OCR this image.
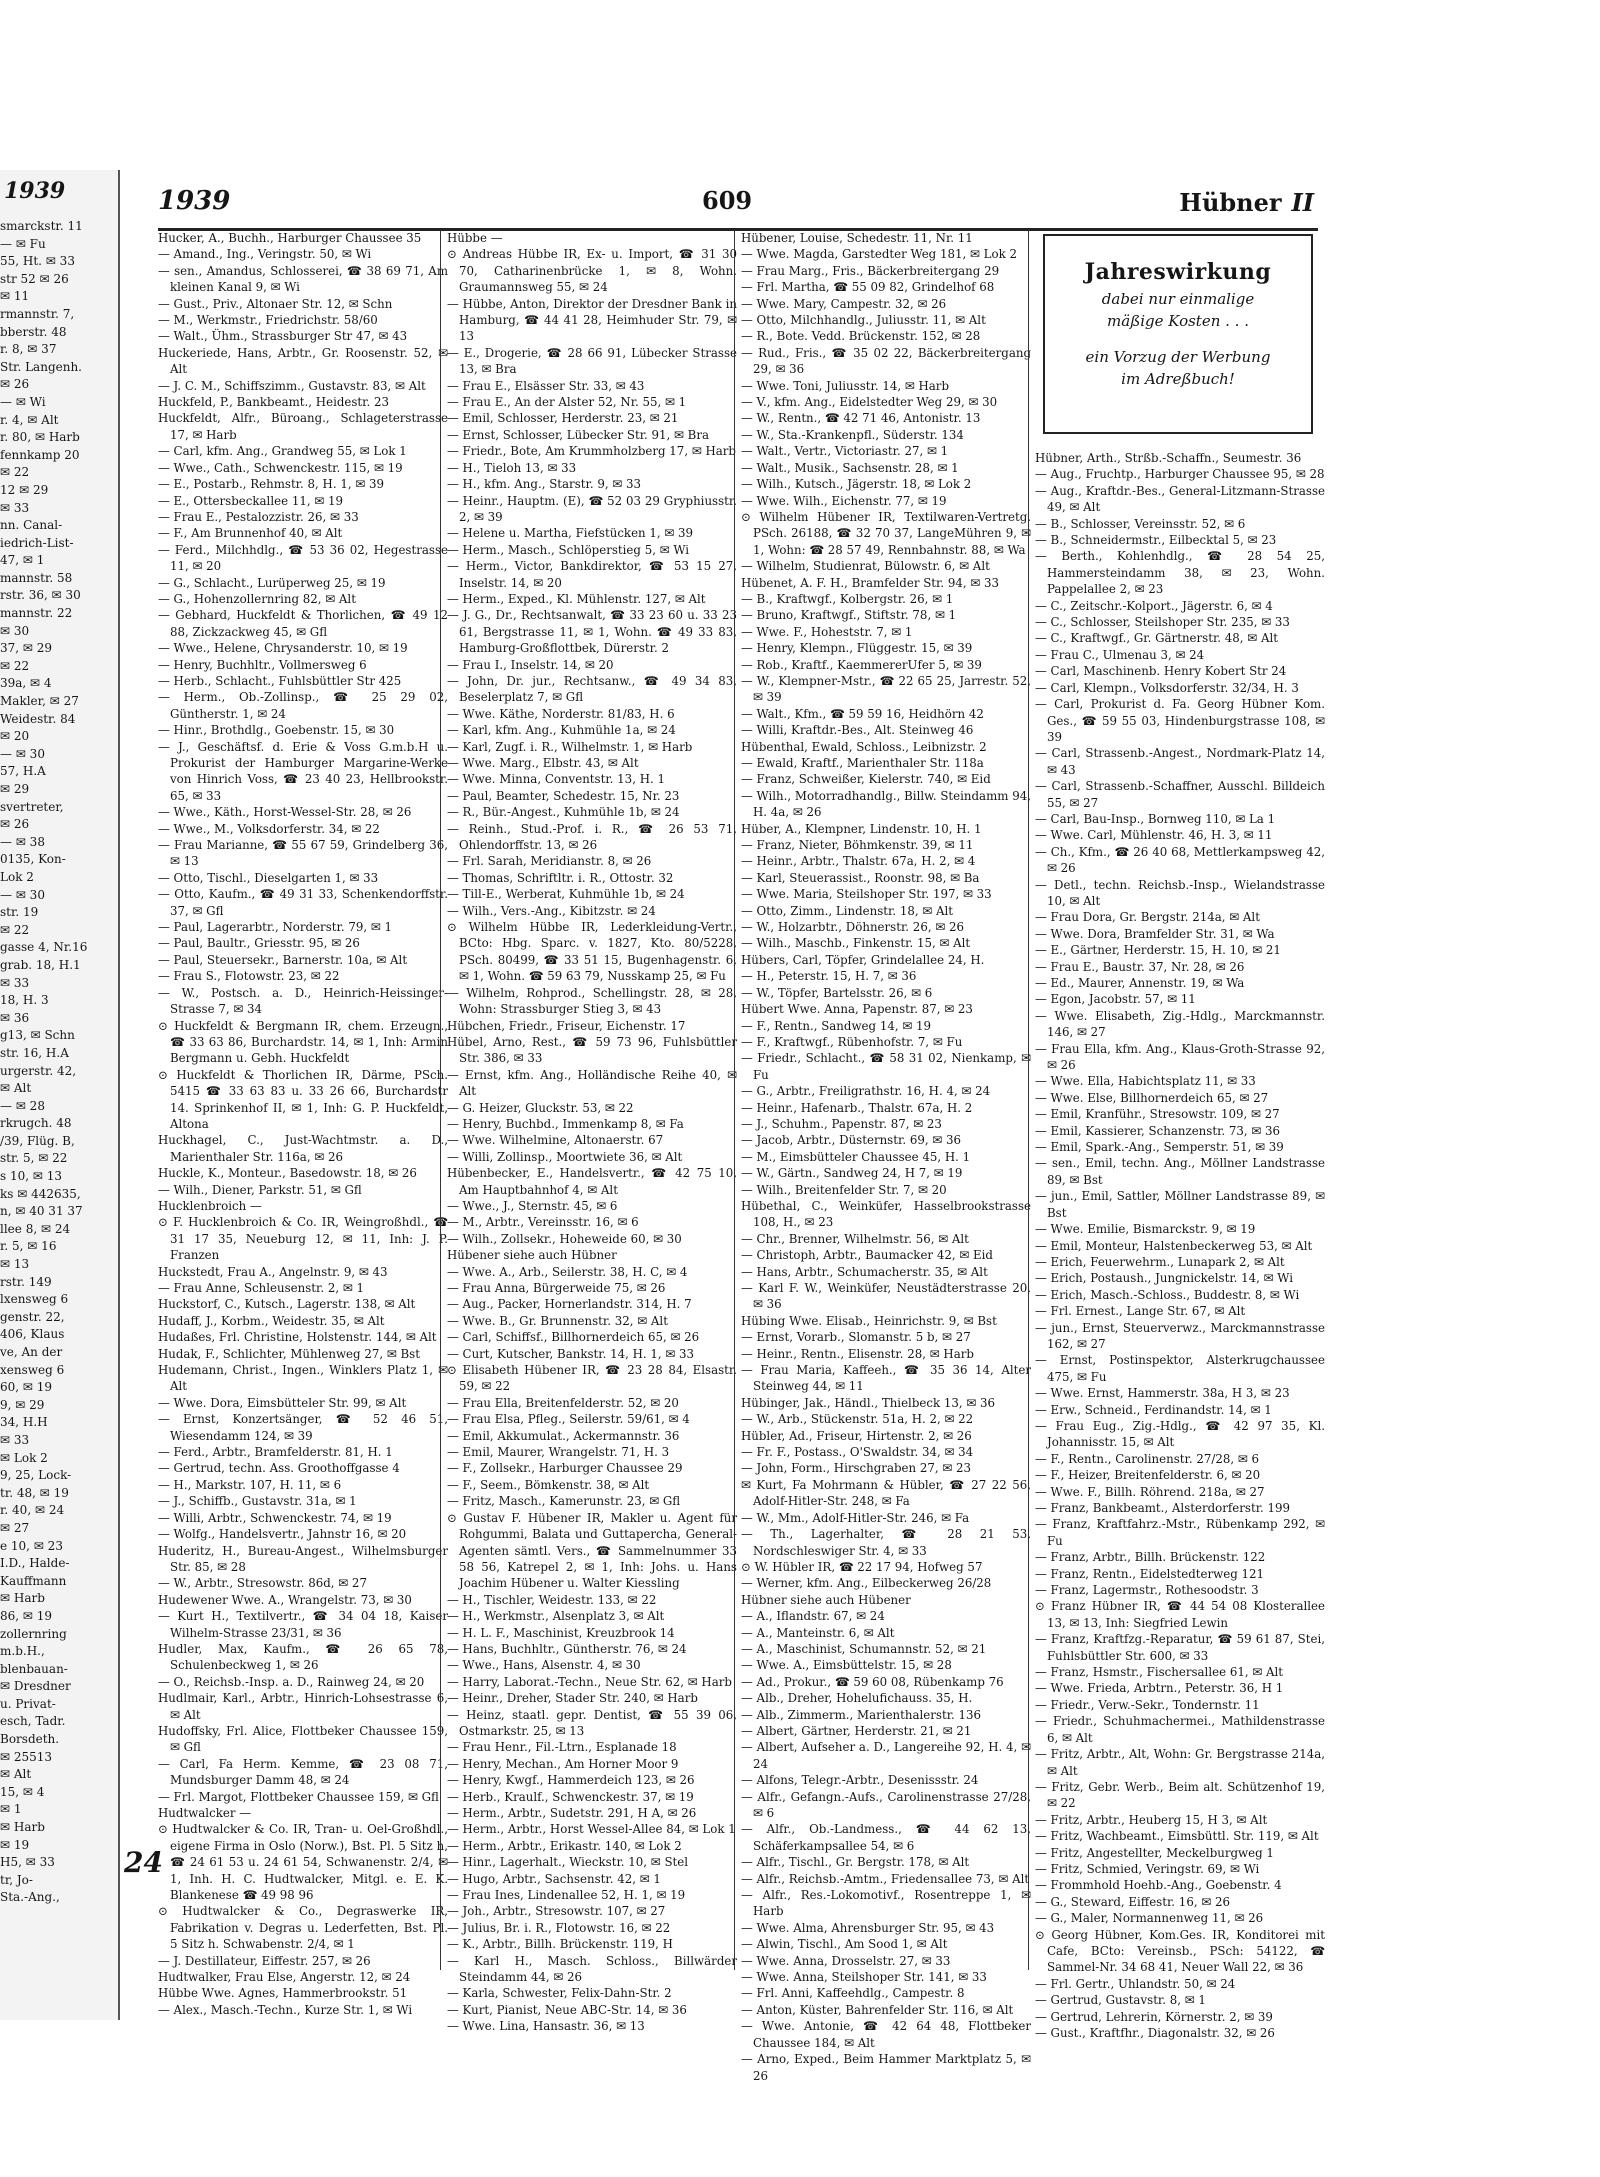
1939
smarckstr. 11
— ✉ Fu
55, Ht. ✉ 33
str 52 ✉ 26
✉ 11
rmannstr. 7,
bberstr. 48
r. 8, ✉ 37
Str. Langenh.
✉ 26
— ✉ Wi
r. 4, ✉ Alt
r. 80, ✉ Harb
fennkamp 20
✉ 22
12 ✉ 29
✉ 33
nn. Canal-
iedrich-List-
47, ✉ 1
mannstr. 58
rstr. 36, ✉ 30
mannstr. 22
✉ 30
37, ✉ 29
✉ 22
39a, ✉ 4
Makler, ✉ 27
Weidestr. 84
✉ 20
— ✉ 30
57, H.A
✉ 29
svertreter,
✉ 26
— ✉ 38
0135, Kon-
Lok 2
— ✉ 30
str. 19
✉ 22
gasse 4, Nr.16
grab. 18, H.1
✉ 33
18, H. 3
✉ 36
g13, ✉ Schn
str. 16, H.A
urgerstr. 42,
✉ Alt
— ✉ 28
rkrugch. 48
/39, Flüg. B,
str. 5, ✉ 22
s 10, ✉ 13
ks ✉ 442635,
n, ✉ 40 31 37
llee 8, ✉ 24
r. 5, ✉ 16
✉ 13
rstr. 149
lxensweg 6
genstr. 22,
406, Klaus
ve, An der
xensweg 6
60, ✉ 19
9, ✉ 29
34, H.H
✉ 33
✉ Lok 2
9, 25, Lock-
tr. 48, ✉ 19
r. 40, ✉ 24
✉ 27
e 10, ✉ 23
I.D., Halde-
Kauffmann
✉ Harb
86, ✉ 19
zollernring
m.b.H.,
blenbauan-
✉ Dresdner
u. Privat-
esch, Tadr.
Borsdeth.
✉ 25513
✉ Alt
15, ✉ 4
✉ 1
✉ Harb
✉ 19
H5, ✉ 33
tr, Jo-
Sta.-Ang.,
1939	609	Hübner II
Hucker, A., Buchh., Harburger Chaussee 35
— Amand., Ing., Veringstr. 50, ✉ Wi
— sen., Amandus, Schlosserei, ☎ 38 69 71, Am kleinen Kanal 9, ✉ Wi
— Gust., Priv., Altonaer Str. 12, ✉ Schn
— M., Werkmstr., Friedrichstr. 58/60
— Walt., Ühm., Strassburger Str 47, ✉ 43
Huckeriede, Hans, Arbtr., Gr. Roosenstr. 52, ✉ Alt
— J. C. M., Schiffszimm., Gustavstr. 83, ✉ Alt
Huckfeld, P., Bankbeamt., Heidestr. 23
Huckfeldt, Alfr., Büroang., Schlageterstrasse 17, ✉ Harb
— Carl, kfm. Ang., Grandweg 55, ✉ Lok 1
— Wwe., Cath., Schwenckestr. 115, ✉ 19
— E., Postarb., Rehmstr. 8, H. 1, ✉ 39
— E., Ottersbeckallee 11, ✉ 19
— Frau E., Pestalozzistr. 26, ✉ 33
— F., Am Brunnenhof 40, ✉ Alt
— Ferd., Milchhdlg., ☎ 53 36 02, Hegestrasse 11, ✉ 20
— G., Schlacht., Lurüperweg 25, ✉ 19
— G., Hohenzollernring 82, ✉ Alt
— Gebhard, Huckfeldt & Thorlichen, ☎ 49 12 88, Zickzackweg 45, ✉ Gfl
— Wwe., Helene, Chrysanderstr. 10, ✉ 19
— Henry, Buchhltr., Vollmersweg 6
— Herb., Schlacht., Fuhlsbüttler Str 425
— Herm., Ob.-Zollinsp., ☎ 25 29 02, Güntherstr. 1, ✉ 24
— Hinr., Brothdlg., Goebenstr. 15, ✉ 30
— J., Geschäftsf. d. Erie & Voss G.m.b.H u. Prokurist der Hamburger Margarine-Werke von Hinrich Voss, ☎ 23 40 23, Hellbrookstr. 65, ✉ 33
— Wwe., Käth., Horst-Wessel-Str. 28, ✉ 26
— Wwe., M., Volksdorferstr. 34, ✉ 22
— Frau Marianne, ☎ 55 67 59, Grindelberg 36, ✉ 13
— Otto, Tischl., Dieselgarten 1, ✉ 33
— Otto, Kaufm., ☎ 49 31 33, Schenkendorffstr. 37, ✉ Gfl
— Paul, Lagerarbtr., Norderstr. 79, ✉ 1
— Paul, Baultr., Griesstr. 95, ✉ 26
— Paul, Steuersekr., Barnerstr. 10a, ✉ Alt
— Frau S., Flotowstr. 23, ✉ 22
— W., Postsch. a. D., Heinrich-Heissinger-Strasse 7, ✉ 34
⊙ Huckfeldt & Bergmann IR, chem. Erzeugn., ☎ 33 63 86, Burchardstr. 14, ✉ 1, Inh: Armin Bergmann u. Gebh. Huckfeldt
⊙ Huckfeldt & Thorlichen IR, Därme, PSch. 5415 ☎ 33 63 83 u. 33 26 66, Burchardstr 14. Sprinkenhof II, ✉ 1, Inh: G. P. Huckfeldt, Altona
Huckhagel, C., Just-Wachtmstr. a. D., Marienthaler Str. 116a, ✉ 26
Huckle, K., Monteur., Basedowstr. 18, ✉ 26
— Wilh., Diener, Parkstr. 51, ✉ Gfl
Hucklenbroich —
⊙ F. Hucklenbroich & Co. IR, Weingroßhdl., ☎ 31 17 35, Neueburg 12, ✉ 11, Inh: J. P. Franzen
Huckstedt, Frau A., Angelnstr. 9, ✉ 43
— Frau Anne, Schleusenstr. 2, ✉ 1
Huckstorf, C., Kutsch., Lagerstr. 138, ✉ Alt
Hudaff, J., Korbm., Weidestr. 35, ✉ Alt
Hudaßes, Frl. Christine, Holstenstr. 144, ✉ Alt
Hudak, F., Schlichter, Mühlenweg 27, ✉ Bst
Hudemann, Christ., Ingen., Winklers Platz 1, ✉ Alt
— Wwe. Dora, Eimsbütteler Str. 99, ✉ Alt
— Ernst, Konzertsänger, ☎ 52 46 51, Wiesendamm 124, ✉ 39
— Ferd., Arbtr., Bramfelderstr. 81, H. 1
— Gertrud, techn. Ass. Groothoffgasse 4
— H., Markstr. 107, H. 11, ✉ 6
— J., Schiffb., Gustavstr. 31a, ✉ 1
— Willi, Arbtr., Schwenckestr. 74, ✉ 19
— Wolfg., Handelsvertr., Jahnstr 16, ✉ 20
Huderitz, H., Bureau-Angest., Wilhelmsburger Str. 85, ✉ 28
— W., Arbtr., Stresowstr. 86d, ✉ 27
Hudewener Wwe. A., Wrangelstr. 73, ✉ 30
— Kurt H., Textilvertr., ☎ 34 04 18, Kaiser Wilhelm-Strasse 23/31, ✉ 36
Hudler, Max, Kaufm., ☎ 26 65 78, Schulenbeckweg 1, ✉ 26
— O., Reichsb.-Insp. a. D., Rainweg 24, ✉ 20
Hudlmair, Karl., Arbtr., Hinrich-Lohsestrasse 6, ✉ Alt
Hudoffsky, Frl. Alice, Flottbeker Chaussee 159, ✉ Gfl
— Carl, Fa Herm. Kemme, ☎ 23 08 71, Mundsburger Damm 48, ✉ 24
— Frl. Margot, Flottbeker Chaussee 159, ✉ Gfl
Hudtwalcker —
⊙ Hudtwalcker & Co. IR, Tran- u. Oel-Großhdl., eigene Firma in Oslo (Norw.), Bst. Pl. 5 Sitz h, ☎ 24 61 53 u. 24 61 54, Schwanenstr. 2/4, ✉ 1, Inh. H. C. Hudtwalcker, Mitgl. e. E. K. Blankenese ☎ 49 98 96
⊙ Hudtwalcker & Co., Degraswerke IR, Fabrikation v. Degras u. Lederfetten, Bst. Pl. 5 Sitz h. Schwabenstr. 2/4, ✉ 1
— J. Destillateur, Eiffestr. 257, ✉ 26
Hudtwalker, Frau Else, Angerstr. 12, ✉ 24
Hübbe Wwe. Agnes, Hammerbrookstr. 51
— Alex., Masch.-Techn., Kurze Str. 1, ✉ Wi
Hübbe —
⊙ Andreas Hübbe IR, Ex- u. Import, ☎ 31 30 70, Catharinenbrücke 1, ✉ 8, Wohn. Graumannsweg 55, ✉ 24
— Hübbe, Anton, Direktor der Dresdner Bank in Hamburg, ☎ 44 41 28, Heimhuder Str. 79, ✉ 13
— E., Drogerie, ☎ 28 66 91, Lübecker Strasse 13, ✉ Bra
— Frau E., Elsässer Str. 33, ✉ 43
— Frau E., An der Alster 52, Nr. 55, ✉ 1
— Emil, Schlosser, Herderstr. 23, ✉ 21
— Ernst, Schlosser, Lübecker Str. 91, ✉ Bra
— Friedr., Bote, Am Krummholzberg 17, ✉ Harb
— H., Tieloh 13, ✉ 33
— H., kfm. Ang., Starstr. 9, ✉ 33
— Heinr., Hauptm. (E), ☎ 52 03 29 Gryphiusstr. 2, ✉ 39
— Helene u. Martha, Fiefstücken 1, ✉ 39
— Herm., Masch., Schlöperstieg 5, ✉ Wi
— Herm., Victor, Bankdirektor, ☎ 53 15 27, Inselstr. 14, ✉ 20
— Herm., Exped., Kl. Mühlenstr. 127, ✉ Alt
— J. G., Dr., Rechtsanwalt, ☎ 33 23 60 u. 33 23 61, Bergstrasse 11, ✉ 1, Wohn. ☎ 49 33 83, Hamburg-Großflottbek, Dürerstr. 2
— Frau I., Inselstr. 14, ✉ 20
— John, Dr. jur., Rechtsanw., ☎ 49 34 83, Beselerplatz 7, ✉ Gfl
— Wwe. Käthe, Norderstr. 81/83, H. 6
— Karl, kfm. Ang., Kuhmühle 1a, ✉ 24
— Karl, Zugf. i. R., Wilhelmstr. 1, ✉ Harb
— Wwe. Marg., Elbstr. 43, ✉ Alt
— Wwe. Minna, Conventstr. 13, H. 1
— Paul, Beamter, Schedestr. 15, Nr. 23
— R., Bür.-Angest., Kuhmühle 1b, ✉ 24
— Reinh., Stud.-Prof. i. R., ☎ 26 53 71, Ohlendorffstr. 13, ✉ 26
— Frl. Sarah, Meridianstr. 8, ✉ 26
— Thomas, Schriftltr. i. R., Ottostr. 32
— Till-E., Werberat, Kuhmühle 1b, ✉ 24
— Wilh., Vers.-Ang., Kibitzstr. ✉ 24
⊙ Wilhelm Hübbe IR, Lederkleidung-Vertr., BCto: Hbg. Sparc. v. 1827, Kto. 80/5228, PSch. 80499, ☎ 33 51 15, Bugenhagenstr. 6, ✉ 1, Wohn. ☎ 59 63 79, Nusskamp 25, ✉ Fu
— Wilhelm, Rohprod., Schellingstr. 28, ✉ 28, Wohn: Strassburger Stieg 3, ✉ 43
Hübchen, Friedr., Friseur, Eichenstr. 17
Hübel, Arno, Rest., ☎ 59 73 96, Fuhlsbüttler Str. 386, ✉ 33
— Ernst, kfm. Ang., Holländische Reihe 40, ✉ Alt
— G. Heizer, Gluckstr. 53, ✉ 22
— Henry, Buchbd., Immenkamp 8, ✉ Fa
— Wwe. Wilhelmine, Altonaerstr. 67
— Willi, Zollinsp., Moortwiete 36, ✉ Alt
Hübenbecker, E., Handelsvertr., ☎ 42 75 10, Am Hauptbahnhof 4, ✉ Alt
— Wwe., J., Sternstr. 45, ✉ 6
— M., Arbtr., Vereinsstr. 16, ✉ 6
— Wilh., Zollsekr., Hoheweide 60, ✉ 30
Hübener siehe auch Hübner
— Wwe. A., Arb., Seilerstr. 38, H. C, ✉ 4
— Frau Anna, Bürgerweide 75, ✉ 26
— Aug., Packer, Hornerlandstr. 314, H. 7
— Wwe. B., Gr. Brunnenstr. 32, ✉ Alt
— Carl, Schiffsf., Billhornerdeich 65, ✉ 26
— Curt, Kutscher, Bankstr. 14, H. 1, ✉ 33
⊙ Elisabeth Hübener IR, ☎ 23 28 84, Elsastr. 59, ✉ 22
— Frau Ella, Breitenfelderstr. 52, ✉ 20
— Frau Elsa, Pfleg., Seilerstr. 59/61, ✉ 4
— Emil, Akkumulat., Ackermannstr. 36
— Emil, Maurer, Wrangelstr. 71, H. 3
— F., Zollsekr., Harburger Chaussee 29
— F., Seem., Bömkenstr. 38, ✉ Alt
— Fritz, Masch., Kamerunstr. 23, ✉ Gfl
⊙ Gustav F. Hübener IR, Makler u. Agent für Rohgummi, Balata und Guttapercha, General-Agenten sämtl. Vers., ☎ Sammelnummer 33 58 56, Katrepel 2, ✉ 1, Inh: Johs. u. Hans Joachim Hübener u. Walter Kiessling
— H., Tischler, Weidestr. 133, ✉ 22
— H., Werkmstr., Alsenplatz 3, ✉ Alt
— H. L. F., Maschinist, Kreuzbrook 14
— Hans, Buchhltr., Güntherstr. 76, ✉ 24
— Wwe., Hans, Alsenstr. 4, ✉ 30
— Harry, Laborat.-Techn., Neue Str. 62, ✉ Harb
— Heinr., Dreher, Stader Str. 240, ✉ Harb
— Heinz, staatl. gepr. Dentist, ☎ 55 39 06, Ostmarkstr. 25, ✉ 13
— Frau Henr., Fil.-Ltrn., Esplanade 18
— Henry, Mechan., Am Horner Moor 9
— Henry, Kwgf., Hammerdeich 123, ✉ 26
— Herb., Kraulf., Schwenckestr. 37, ✉ 19
— Herm., Arbtr., Sudetstr. 291, H A, ✉ 26
— Herm., Arbtr., Horst Wessel-Allee 84, ✉ Lok 1
— Herm., Arbtr., Erikastr. 140, ✉ Lok 2
— Hinr., Lagerhalt., Wieckstr. 10, ✉ Stel
— Hugo, Arbtr., Sachsenstr. 42, ✉ 1
— Frau Ines, Lindenallee 52, H. 1, ✉ 19
— Joh., Arbtr., Stresowstr. 107, ✉ 27
— Julius, Br. i. R., Flotowstr. 16, ✉ 22
— K., Arbtr., Billh. Brückenstr. 119, H
— Karl H., Masch. Schloss., Billwärder Steindamm 44, ✉ 26
— Karla, Schwester, Felix-Dahn-Str. 2
— Kurt, Pianist, Neue ABC-Str. 14, ✉ 36
— Wwe. Lina, Hansastr. 36, ✉ 13
Hübener, Louise, Schedestr. 11, Nr. 11
— Wwe. Magda, Garstedter Weg 181, ✉ Lok 2
— Frau Marg., Fris., Bäckerbreitergang 29
— Frl. Martha, ☎ 55 09 82, Grindelhof 68
— Wwe. Mary, Campestr. 32, ✉ 26
— Otto, Milchhandlg., Juliusstr. 11, ✉ Alt
— R., Bote. Vedd. Brückenstr. 152, ✉ 28
— Rud., Fris., ☎ 35 02 22, Bäckerbreitergang 29, ✉ 36
— Wwe. Toni, Juliusstr. 14, ✉ Harb
— V., kfm. Ang., Eidelstedter Weg 29, ✉ 30
— W., Rentn., ☎ 42 71 46, Antonistr. 13
— W., Sta.-Krankenpfl., Süderstr. 134
— Walt., Vertr., Victoriastr. 27, ✉ 1
— Walt., Musik., Sachsenstr. 28, ✉ 1
— Wilh., Kutsch., Jägerstr. 18, ✉ Lok 2
— Wwe. Wilh., Eichenstr. 77, ✉ 19
⊙ Wilhelm Hübener IR, Textilwaren-Vertretg. PSch. 26188, ☎ 32 70 37, LangeMühren 9, ✉ 1, Wohn: ☎ 28 57 49, Rennbahnstr. 88, ✉ Wa
— Wilhelm, Studienrat, Bülowstr. 6, ✉ Alt
Hübenet, A. F. H., Bramfelder Str. 94, ✉ 33
— B., Kraftwgf., Kolbergstr. 26, ✉ 1
— Bruno, Kraftwgf., Stiftstr. 78, ✉ 1
— Wwe. F., Hoheststr. 7, ✉ 1
— Henry, Klempn., Flüggestr. 15, ✉ 39
— Rob., Kraftf., KaemmererUfer 5, ✉ 39
— W., Klempner-Mstr., ☎ 22 65 25, Jarrestr. 52, ✉ 39
— Walt., Kfm., ☎ 59 59 16, Heidhörn 42
— Willi, Kraftdr.-Bes., Alt. Steinweg 46
Hübenthal, Ewald, Schloss., Leibnizstr. 2
— Ewald, Kraftf., Marienthaler Str. 118a
— Franz, Schweißer, Kielerstr. 740, ✉ Eid
— Wilh., Motorradhandlg., Billw. Steindamm 94, H. 4a, ✉ 26
Hüber, A., Klempner, Lindenstr. 10, H. 1
— Franz, Nieter, Böhmkenstr. 39, ✉ 11
— Heinr., Arbtr., Thalstr. 67a, H. 2, ✉ 4
— Karl, Steuerassist., Roonstr. 98, ✉ Ba
— Wwe. Maria, Steilshoper Str. 197, ✉ 33
— Otto, Zimm., Lindenstr. 18, ✉ Alt
— W., Holzarbtr., Döhnerstr. 26, ✉ 26
— Wilh., Maschb., Finkenstr. 15, ✉ Alt
Hübers, Carl, Töpfer, Grindelallee 24, H.
— H., Peterstr. 15, H. 7, ✉ 36
— W., Töpfer, Bartelsstr. 26, ✉ 6
Hübert Wwe. Anna, Papenstr. 87, ✉ 23
— F., Rentn., Sandweg 14, ✉ 19
— F., Kraftwgf., Rübenhofstr. 7, ✉ Fu
— Friedr., Schlacht., ☎ 58 31 02, Nienkamp, ✉ Fu
— G., Arbtr., Freiligrathstr. 16, H. 4, ✉ 24
— Heinr., Hafenarb., Thalstr. 67a, H. 2
— J., Schuhm., Papenstr. 87, ✉ 23
— Jacob, Arbtr., Düsternstr. 69, ✉ 36
— M., Eimsbütteler Chaussee 45, H. 1
— W., Gärtn., Sandweg 24, H 7, ✉ 19
— Wilh., Breitenfelder Str. 7, ✉ 20
Hübethal, C., Weinküfer, Hasselbrookstrasse 108, H., ✉ 23
— Chr., Brenner, Wilhelmstr. 56, ✉ Alt
— Christoph, Arbtr., Baumacker 42, ✉ Eid
— Hans, Arbtr., Schumacherstr. 35, ✉ Alt
— Karl F. W., Weinküfer, Neustädterstrasse 20, ✉ 36
Hübing Wwe. Elisab., Heinrichstr. 9, ✉ Bst
— Ernst, Vorarb., Slomanstr. 5 b, ✉ 27
— Heinr., Rentn., Elisenstr. 28, ✉ Harb
— Frau Maria, Kaffeeh., ☎ 35 36 14, Alter Steinweg 44, ✉ 11
Hübinger, Jak., Händl., Thielbeck 13, ✉ 36
— W., Arb., Stückenstr. 51a, H. 2, ✉ 22
Hübler, Ad., Friseur, Hirtenstr. 2, ✉ 26
— Fr. F., Postass., O'Swaldstr. 34, ✉ 34
— John, Form., Hirschgraben 27, ✉ 23
✉ Kurt, Fa Mohrmann & Hübler, ☎ 27 22 56, Adolf-Hitler-Str. 248, ✉ Fa
— W., Mm., Adolf-Hitler-Str. 246, ✉ Fa
— Th., Lagerhalter, ☎ 28 21 53, Nordschleswiger Str. 4, ✉ 33
⊙ W. Hübler IR, ☎ 22 17 94, Hofweg 57
— Werner, kfm. Ang., Eilbeckerweg 26/28
Hübner siehe auch Hübener
— A., Iflandstr. 67, ✉ 24
— A., Manteinstr. 6, ✉ Alt
— A., Maschinist, Schumannstr. 52, ✉ 21
— Wwe. A., Eimsbüttelstr. 15, ✉ 28
— Ad., Prokur., ☎ 59 60 08, Rübenkamp 76
— Alb., Dreher, Hohelufichauss. 35, H.
— Alb., Zimmerm., Marienthalerstr. 136
— Albert, Gärtner, Herderstr. 21, ✉ 21
— Albert, Aufseher a. D., Langereihe 92, H. 4, ✉ 24
— Alfons, Telegr.-Arbtr., Desenissstr. 24
— Alfr., Gefangn.-Aufs., Carolinenstrasse 27/28, ✉ 6
— Alfr., Ob.-Landmess., ☎ 44 62 13, Schäferkampsallee 54, ✉ 6
— Alfr., Tischl., Gr. Bergstr. 178, ✉ Alt
— Alfr., Reichsb.-Amtm., Friedensallee 73, ✉ Alt
— Alfr., Res.-Lokomotivf., Rosentreppe 1, ✉ Harb
— Wwe. Alma, Ahrensburger Str. 95, ✉ 43
— Alwin, Tischl., Am Sood 1, ✉ Alt
— Wwe. Anna, Drosselstr. 27, ✉ 33
— Wwe. Anna, Steilshoper Str. 141, ✉ 33
— Frl. Anni, Kaffeehdlg., Campestr. 8
— Anton, Küster, Bahrenfelder Str. 116, ✉ Alt
— Wwe. Antonie, ☎ 42 64 48, Flottbeker Chaussee 184, ✉ Alt
— Arno, Exped., Beim Hammer Marktplatz 5, ✉ 26
Jahreswirkung
dabei nur einmalige
mäßige Kosten . . .
ein Vorzug der Werbung
im Adreßbuch!
Hübner, Arth., Strßb.-Schaffn., Seumestr. 36
— Aug., Fruchtp., Harburger Chaussee 95, ✉ 28
— Aug., Kraftdr.-Bes., General-Litzmann-Strasse 49, ✉ Alt
— B., Schlosser, Vereinsstr. 52, ✉ 6
— B., Schneidermstr., Eilbecktal 5, ✉ 23
— Berth., Kohlenhdlg., ☎ 28 54 25, Hammersteindamm 38, ✉ 23, Wohn. Pappelallee 2, ✉ 23
— C., Zeitschr.-Kolport., Jägerstr. 6, ✉ 4
— C., Schlosser, Steilshoper Str. 235, ✉ 33
— C., Kraftwgf., Gr. Gärtnerstr. 48, ✉ Alt
— Frau C., Ulmenau 3, ✉ 24
— Carl, Maschinenb. Henry Kobert Str 24
— Carl, Klempn., Volksdorferstr. 32/34, H. 3
— Carl, Prokurist d. Fa. Georg Hübner Kom. Ges., ☎ 59 55 03, Hindenburgstrasse 108, ✉ 39
— Carl, Strassenb.-Angest., Nordmark-Platz 14, ✉ 43
— Carl, Strassenb.-Schaffner, Ausschl. Billdeich 55, ✉ 27
— Carl, Bau-Insp., Bornweg 110, ✉ La 1
— Wwe. Carl, Mühlenstr. 46, H. 3, ✉ 11
— Ch., Kfm., ☎ 26 40 68, Mettlerkampsweg 42, ✉ 26
— Detl., techn. Reichsb.-Insp., Wielandstrasse 10, ✉ Alt
— Frau Dora, Gr. Bergstr. 214a, ✉ Alt
— Wwe. Dora, Bramfelder Str. 31, ✉ Wa
— E., Gärtner, Herderstr. 15, H. 10, ✉ 21
— Frau E., Baustr. 37, Nr. 28, ✉ 26
— Ed., Maurer, Annenstr. 19, ✉ Wa
— Egon, Jacobstr. 57, ✉ 11
— Wwe. Elisabeth, Zig.-Hdlg., Marckmannstr. 146, ✉ 27
— Frau Ella, kfm. Ang., Klaus-Groth-Strasse 92, ✉ 26
— Wwe. Ella, Habichtsplatz 11, ✉ 33
— Wwe. Else, Billhornerdeich 65, ✉ 27
— Emil, Kranführ., Stresowstr. 109, ✉ 27
— Emil, Kassierer, Schanzenstr. 73, ✉ 36
— Emil, Spark.-Ang., Semperstr. 51, ✉ 39
— sen., Emil, techn. Ang., Möllner Landstrasse 89, ✉ Bst
— jun., Emil, Sattler, Möllner Landstrasse 89, ✉ Bst
— Wwe. Emilie, Bismarckstr. 9, ✉ 19
— Emil, Monteur, Halstenbeckerweg 53, ✉ Alt
— Erich, Feuerwehrm., Lunapark 2, ✉ Alt
— Erich, Postaush., Jungnickelstr. 14, ✉ Wi
— Erich, Masch.-Schloss., Buddestr. 8, ✉ Wi
— Frl. Ernest., Lange Str. 67, ✉ Alt
— jun., Ernst, Steuerverwz., Marckmannstrasse 162, ✉ 27
— Ernst, Postinspektor, Alsterkrugchaussee 475, ✉ Fu
— Wwe. Ernst, Hammerstr. 38a, H 3, ✉ 23
— Erw., Schneid., Ferdinandstr. 14, ✉ 1
— Frau Eug., Zig.-Hdlg., ☎ 42 97 35, Kl. Johannisstr. 15, ✉ Alt
— F., Rentn., Carolinenstr. 27/28, ✉ 6
— F., Heizer, Breitenfelderstr. 6, ✉ 20
— Wwe. F., Billh. Röhrend. 218a, ✉ 27
— Franz, Bankbeamt., Alsterdorferstr. 199
— Franz, Kraftfahrz.-Mstr., Rübenkamp 292, ✉ Fu
— Franz, Arbtr., Billh. Brückenstr. 122
— Franz, Rentn., Eidelstedterweg 121
— Franz, Lagermstr., Rothesoodstr. 3
⊙ Franz Hübner IR, ☎ 44 54 08 Klosterallee 13, ✉ 13, Inh: Siegfried Lewin
— Franz, Kraftfzg.-Reparatur, ☎ 59 61 87, Stei, Fuhlsbüttler Str. 600, ✉ 33
— Franz, Hsmstr., Fischersallee 61, ✉ Alt
— Wwe. Frieda, Arbtrn., Peterstr. 36, H 1
— Friedr., Verw.-Sekr., Tondernstr. 11
— Friedr., Schuhmachermei., Mathildenstrasse 6, ✉ Alt
— Fritz, Arbtr., Alt, Wohn: Gr. Bergstrasse 214a, ✉ Alt
— Fritz, Gebr. Werb., Beim alt. Schützenhof 19, ✉ 22
— Fritz, Arbtr., Heuberg 15, H 3, ✉ Alt
— Fritz, Wachbeamt., Eimsbüttl. Str. 119, ✉ Alt
— Fritz, Angestellter, Meckelburgweg 1
— Fritz, Schmied, Veringstr. 69, ✉ Wi
— Frommhold Hoehb.-Ang., Goebenstr. 4
— G., Steward, Eiffestr. 16, ✉ 26
— G., Maler, Normannenweg 11, ✉ 26
⊙ Georg Hübner, Kom.Ges. IR, Konditorei mit Cafe, BCto: Vereinsb., PSch: 54122, ☎ Sammel-Nr. 34 68 41, Neuer Wall 22, ✉ 36
— Frl. Gertr., Uhlandstr. 50, ✉ 24
— Gertrud, Gustavstr. 8, ✉ 1
— Gertrud, Lehrerin, Körnerstr. 2, ✉ 39
— Gust., Kraftfhr., Diagonalstr. 32, ✉ 26
24
